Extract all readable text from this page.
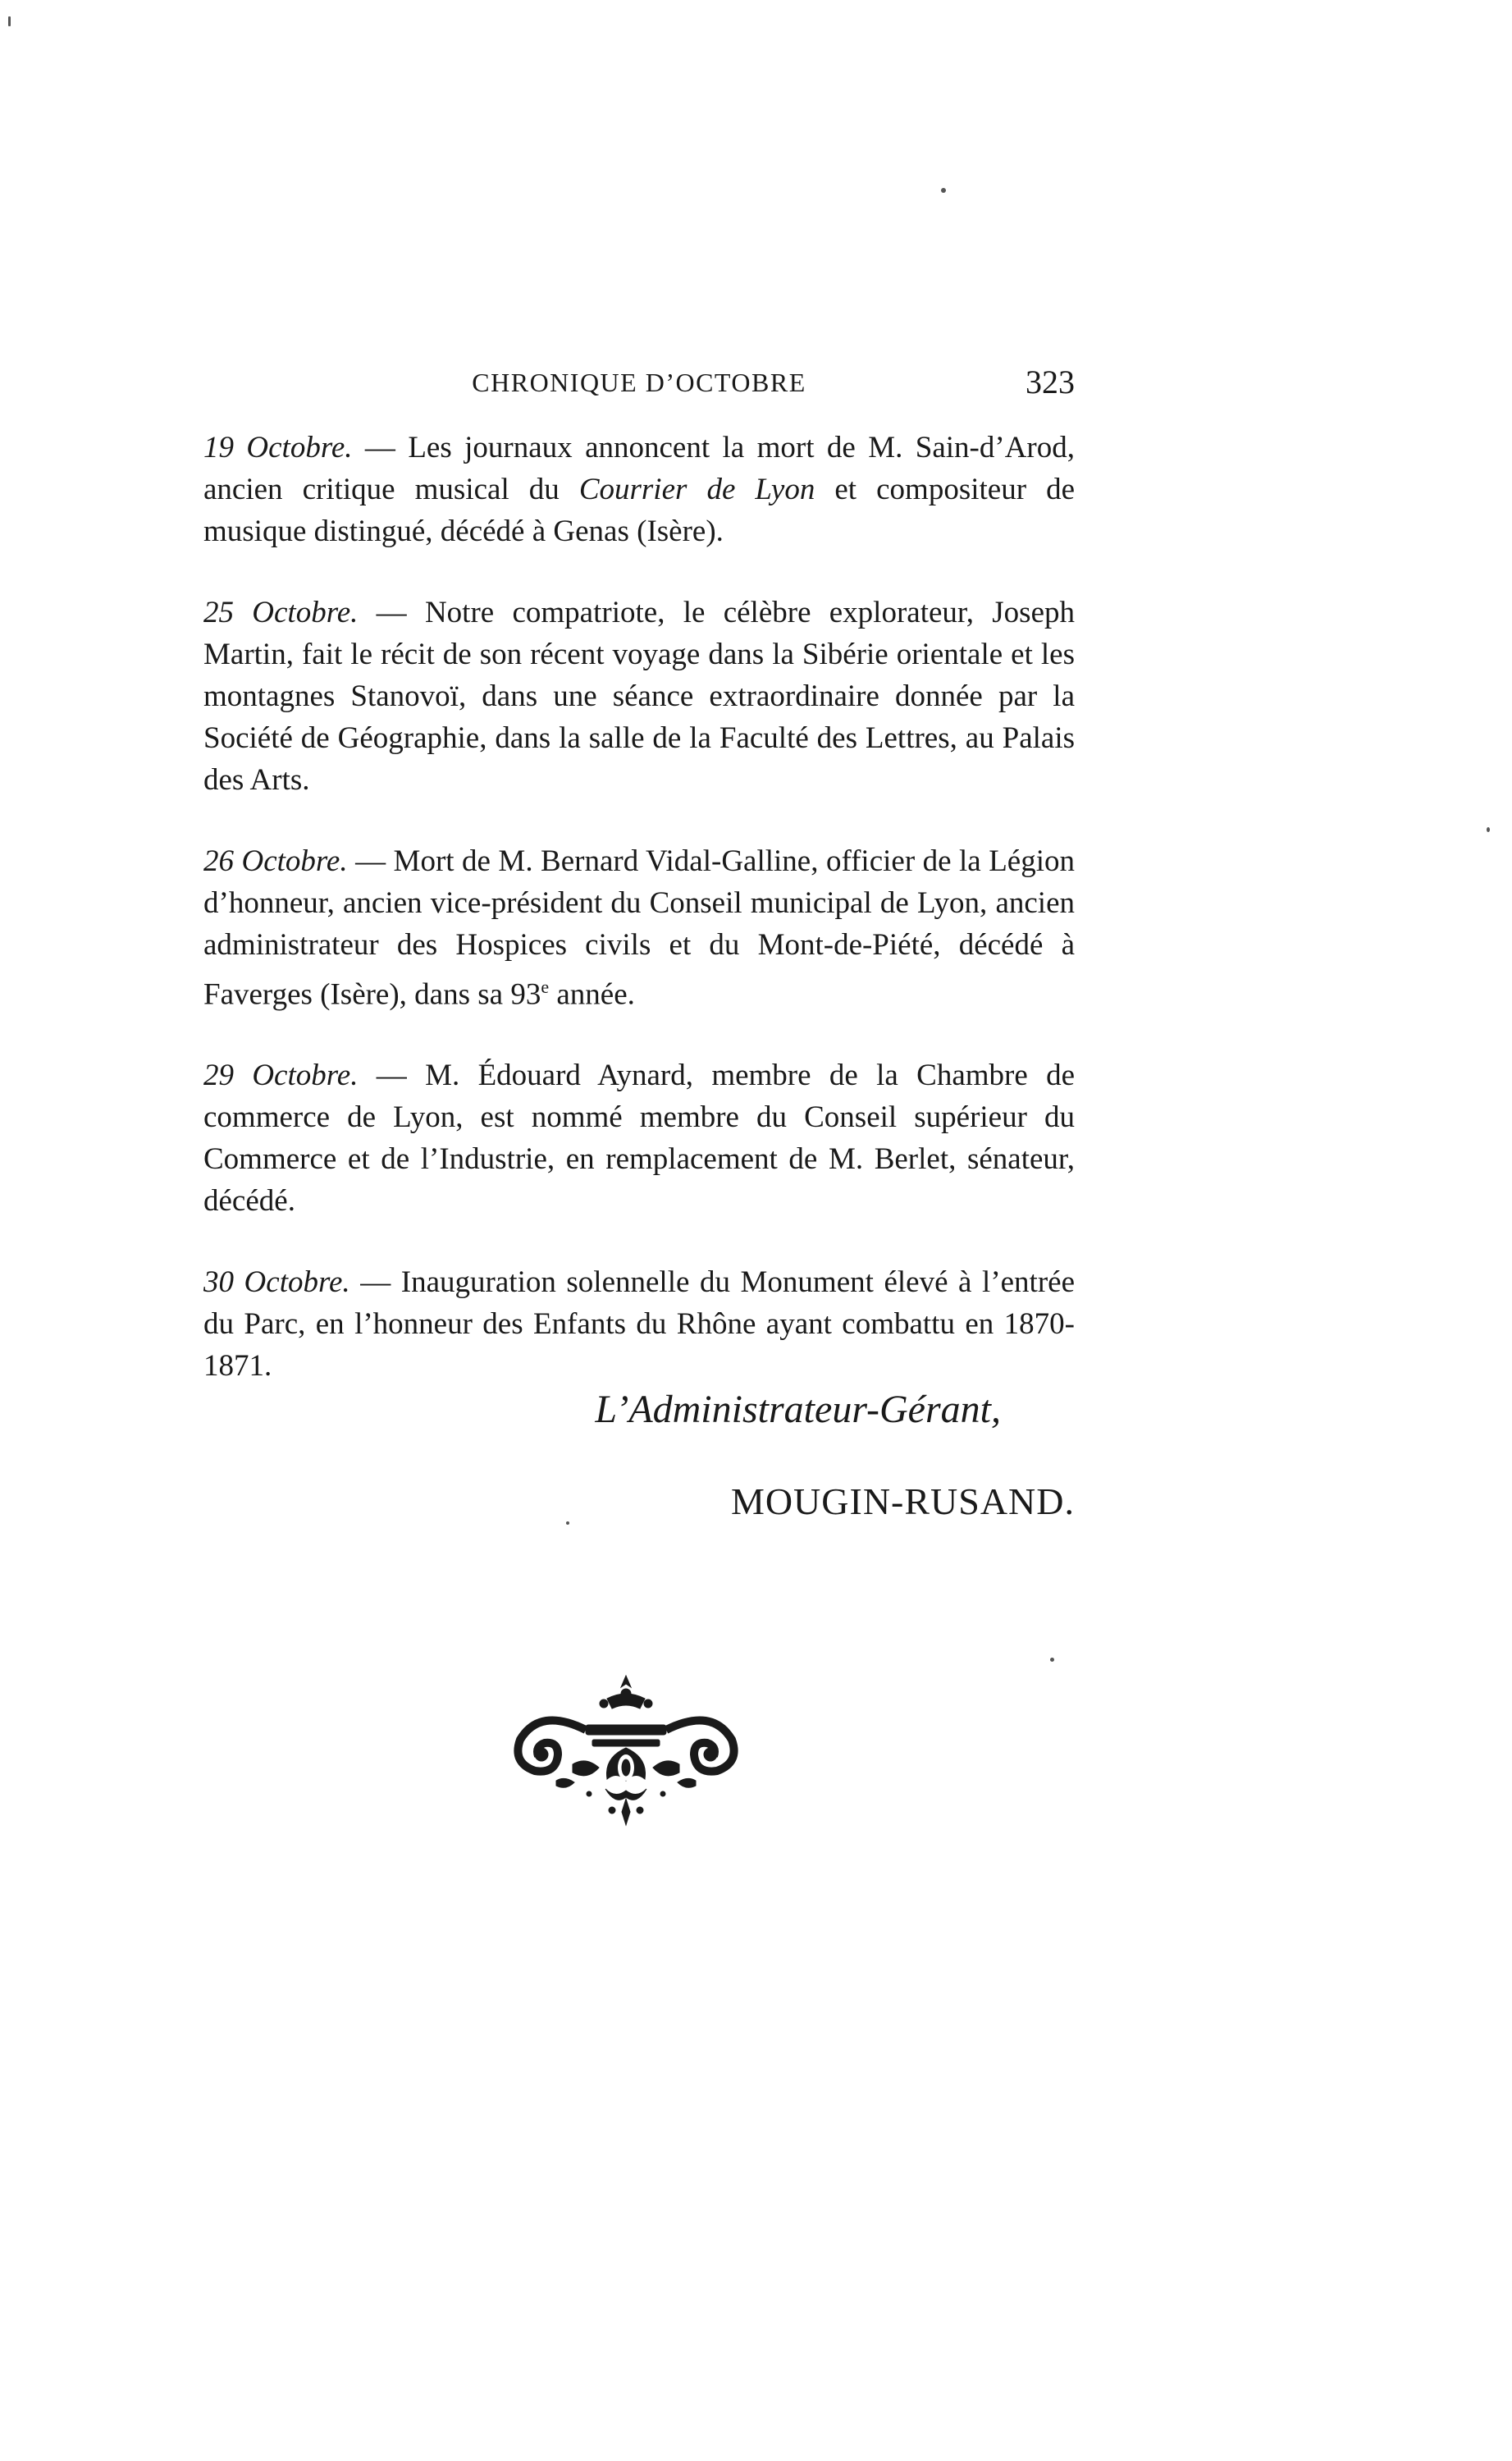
CHRONIQUE D’OCTOBRE	323

19 Octobre. — Les journaux annoncent la mort de M. Sain-d’Arod, ancien critique musical du Courrier de Lyon et compositeur de musique distingué, décédé à Genas (Isère).

25 Octobre. — Notre compatriote, le célèbre explorateur, Joseph Martin, fait le récit de son récent voyage dans la Sibérie orientale et les montagnes Stanovoï, dans une séance extraordinaire donnée par la Société de Géographie, dans la salle de la Faculté des Lettres, au Palais des Arts.

26 Octobre. — Mort de M. Bernard Vidal-Galline, officier de la Légion d’honneur, ancien vice-président du Conseil municipal de Lyon, ancien administrateur des Hospices civils et du Mont-de-Piété, décédé à Faverges (Isère), dans sa 93e année.

29 Octobre. — M. Édouard Aynard, membre de la Chambre de commerce de Lyon, est nommé membre du Conseil supérieur du Commerce et de l’Industrie, en remplacement de M. Berlet, sénateur, décédé.

30 Octobre. — Inauguration solennelle du Monument élevé à l’entrée du Parc, en l’honneur des Enfants du Rhône ayant combattu en 1870-1871.

L’Administrateur-Gérant,
MOUGIN-RUSAND.
